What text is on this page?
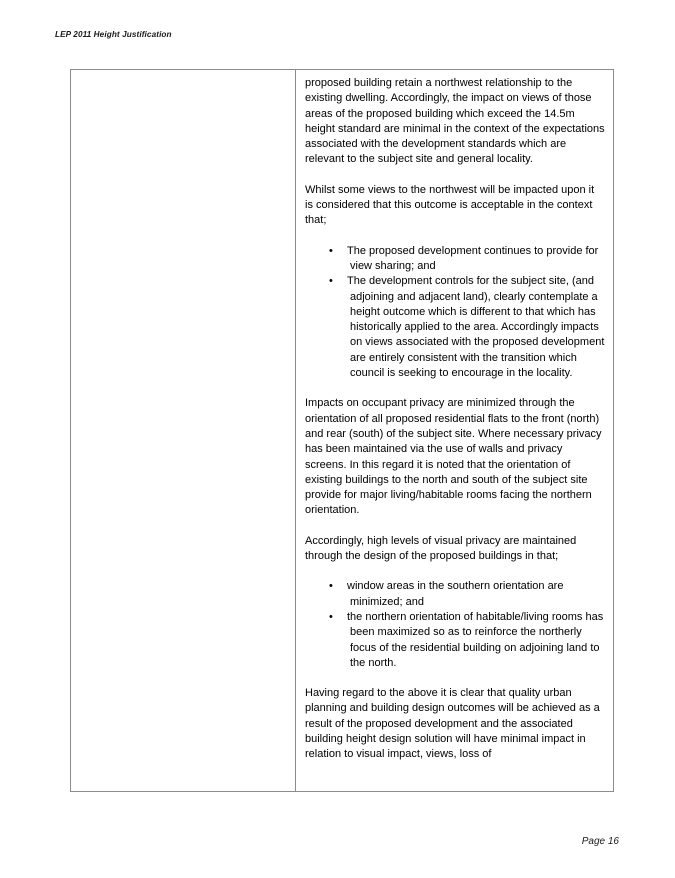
LEP 2011 Height Justification

proposed building retain a northwest relationship to the existing dwelling. Accordingly, the impact on views of those areas of the proposed building which exceed the 14.5m height standard are minimal in the context of the expectations associated with the development standards which are relevant to the subject site and general locality.

Whilst some views to the northwest will be impacted upon it is considered that this outcome is acceptable in the context that;

• The proposed development continues to provide for view sharing; and
• The development controls for the subject site, (and adjoining and adjacent land), clearly contemplate a height outcome which is different to that which has historically applied to the area. Accordingly impacts on views associated with the proposed development are entirely consistent with the transition which council is seeking to encourage in the locality.

Impacts on occupant privacy are minimized through the orientation of all proposed residential flats to the front (north) and rear (south) of the subject site. Where necessary privacy has been maintained via the use of walls and privacy screens. In this regard it is noted that the orientation of existing buildings to the north and south of the subject site provide for major living/habitable rooms facing the northern orientation.

Accordingly, high levels of visual privacy are maintained through the design of the proposed buildings in that;

• window areas in the southern orientation are minimized; and
• the northern orientation of habitable/living rooms has been maximized so as to reinforce the northerly focus of the residential building on adjoining land to the north.

Having regard to the above it is clear that quality urban planning and building design outcomes will be achieved as a result of the proposed development and the associated building height design solution will have minimal impact in relation to visual impact, views, loss of

Page 16
